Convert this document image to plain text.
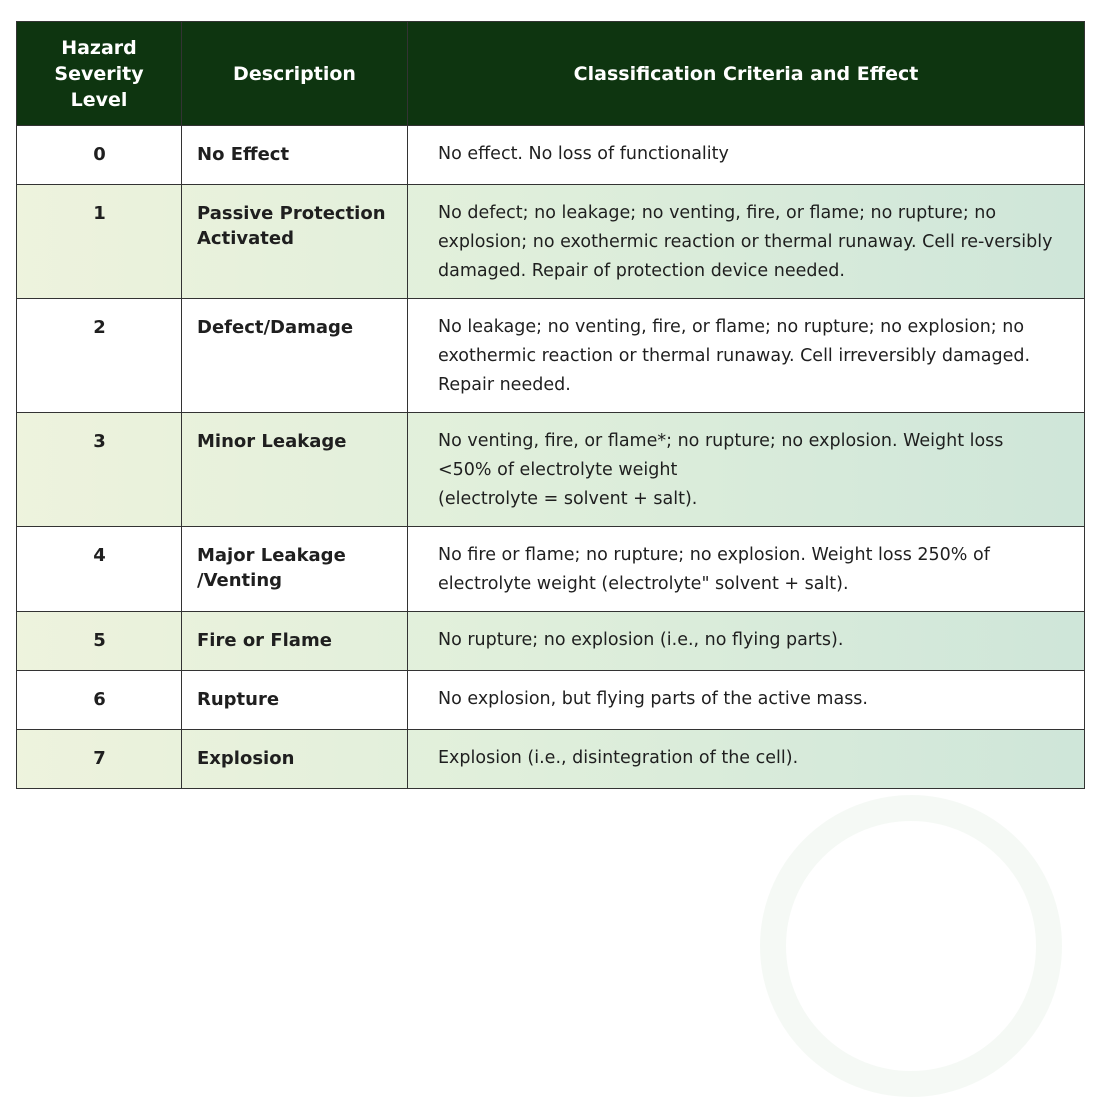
Hazard Severity Level	Description	Classification Criteria and Effect
0	No Effect	No effect. No loss of functionality
1	Passive Protection Activated	No defect; no leakage; no venting, fire, or flame; no rupture; no explosion; no exothermic reaction or thermal runaway. Cell re-versibly damaged. Repair of protection device needed.
2	Defect/Damage	No leakage; no venting, fire, or flame; no rupture; no explosion; no exothermic reaction or thermal runaway. Cell irreversibly damaged. Repair needed.
3	Minor Leakage	No venting, fire, or flame*; no rupture; no explosion. Weight loss <50% of electrolyte weight
(electrolyte = solvent + salt).
4	Major Leakage /Venting	No fire or flame; no rupture; no explosion. Weight loss 250% of electrolyte weight (electrolyte" solvent + salt).
5	Fire or Flame	No rupture; no explosion (i.e., no flying parts).
6	Rupture	No explosion, but flying parts of the active mass.
7	Explosion	Explosion (i.e., disintegration of the cell).
